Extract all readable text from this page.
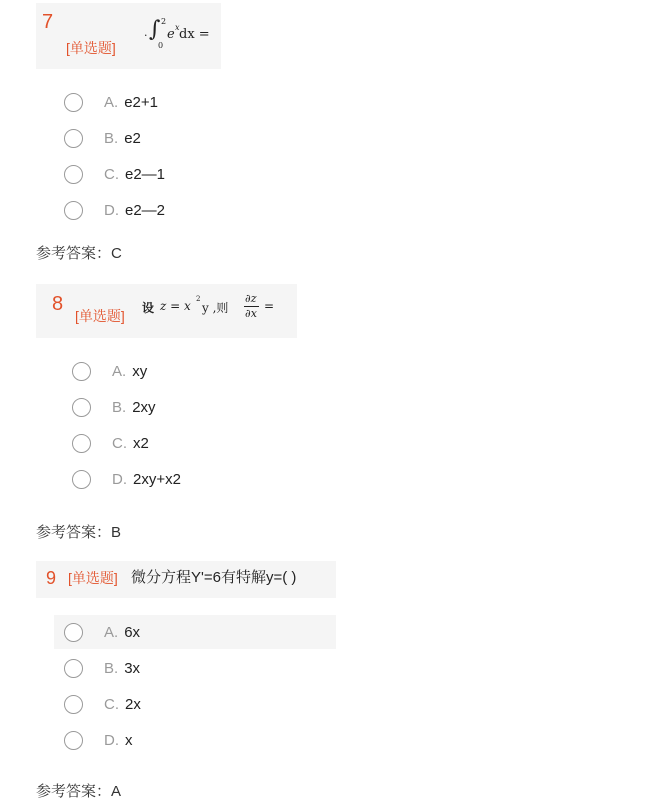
7
[单选题]
· ∫ 2
0
e x dx =
A. e2+1
B. e2
C. e2—1
D. e2—2
参考答案：C
8
[单选题] 设 z = x 2
y ,则
∂z
∂x
=
A. xy
B. 2xy
C. x2
D. 2xy+x2
参考答案：B
9 [单选题] 微分方程Y'=6有特解y=( )
A. 6x
B. 3x
C. 2x
D. x
参考答案：A
